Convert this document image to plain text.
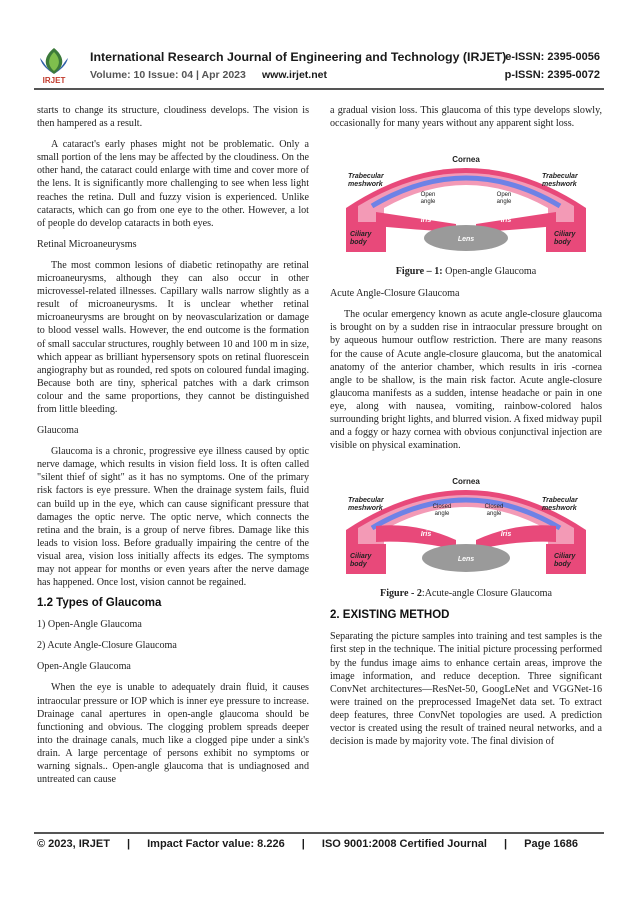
IRJET
International Research Journal of Engineering and Technology (IRJET)
e-ISSN: 2395-0056
Volume: 10 Issue: 04 | Apr 2023 www.irjet.net	p-ISSN: 2395-0072

starts to change its structure, cloudiness develops. The vision is then hampered as a result.

A cataract's early phases might not be problematic. Only a small portion of the lens may be affected by the cloudiness. On the other hand, the cataract could enlarge with time and cover more of the lens. It is significantly more challenging to see when less light reaches the retina. Dull and fuzzy vision is experienced. Unlike cataracts, which can go from one eye to the other. However, a lot of people do develop cataracts in both eyes.

Retinal Microaneurysms

The most common lesions of diabetic retinopathy are retinal microaneurysms, although they can also occur in other microvessel-related illnesses. Capillary walls narrow slightly as a result of microaneurysms. It is unclear whether retinal microaneurysms are brought on by neovascularization or damage to blood vessel walls. However, the end outcome is the formation of small saccular structures, roughly between 10 and 100 m in size, which appear as brilliant hypersensory spots on retinal fluorescein angiography but as rounded, red spots on coloured fundal imaging. Because both are tiny, spherical patches with a dark crimson colour and the same proportions, they cannot be distinguished from little bleeding.

Glaucoma

Glaucoma is a chronic, progressive eye illness caused by optic nerve damage, which results in vision field loss. It is often called "silent thief of sight" as it has no symptoms. One of the primary risk factors is eye pressure. When the drainage system fails, fluid can build up in the eye, which can cause significant pressure that damages the optic nerve. The optic nerve, which connects the retina and the brain, is a group of nerve fibres. Damage like this leads to vision loss. Before gradually impairing the centre of the visual area, vision loss initially affects its edges. The symptoms may not appear for months or even years after the nerve damage has happened. Once lost, vision cannot be regained.

1.2 Types of Glaucoma

1) Open-Angle Glaucoma

2) Acute Angle-Closure Glaucoma

Open-Angle Glaucoma

When the eye is unable to adequately drain fluid, it causes intraocular pressure or IOP which is inner eye pressure to increase. Drainage canal apertures in open-angle glaucoma should be functioning and obvious. The clogging problem spreads deeper into the drainage canals, much like a clogged pipe under a sink's drain. A large percentage of persons exhibit no symptoms or warning signals.. Open-angle glaucoma that is undiagnosed and untreated can cause

a gradual vision loss. This glaucoma of this type develops slowly, occasionally for many years without any apparent sight loss.

Cornea
Trabecular
meshwork
Trabecular
meshwork
Open
angle
Open
angle
Iris	Iris
Lens
Ciliary
body
Ciliary
body
Figure – 1: Open-angle Glaucoma

Acute Angle-Closure Glaucoma

The ocular emergency known as acute angle-closure glaucoma is brought on by a sudden rise in intraocular pressure brought on by aqueous humour outflow restriction. There are many reasons for the cause of Acute angle-closure glaucoma, but the anatomical anatomy of the anterior chamber, which results in iris -cornea angle to be shallow, is the main risk factor. Acute angle-closure glaucoma manifests as a sudden, intense headache or pain in one eye, along with nausea, vomiting, rainbow-colored halos surrounding bright lights, and blurred vision. A fixed midway pupil and a foggy or hazy cornea with obvious conjunctival injection are visible on physical examination.

Cornea
Trabecular
meshwork
Trabecular
meshwork
Closed
angle
Closed
angle
Iris	Iris
Lens
Ciliary
body
Ciliary
body
Figure - 2:Acute-angle Closure Glaucoma
2. EXISTING METHOD

Separating the picture samples into training and test samples is the first step in the technique. The initial picture processing performed by the fundus image aims to enhance certain areas, improve the image information, and reduce deception. Three significant ConvNet architectures—ResNet-50, GoogLeNet and VGGNet-16 were trained on the preprocessed ImageNet data set. To extract deep features, three ConvNet topologies are used. A prediction vector is created using the result of trained neural networks, and a decision is made by majority vote. The final division of

© 2023, IRJET | Impact Factor value: 8.226 | ISO 9001:2008 Certified Journal | Page 1686
